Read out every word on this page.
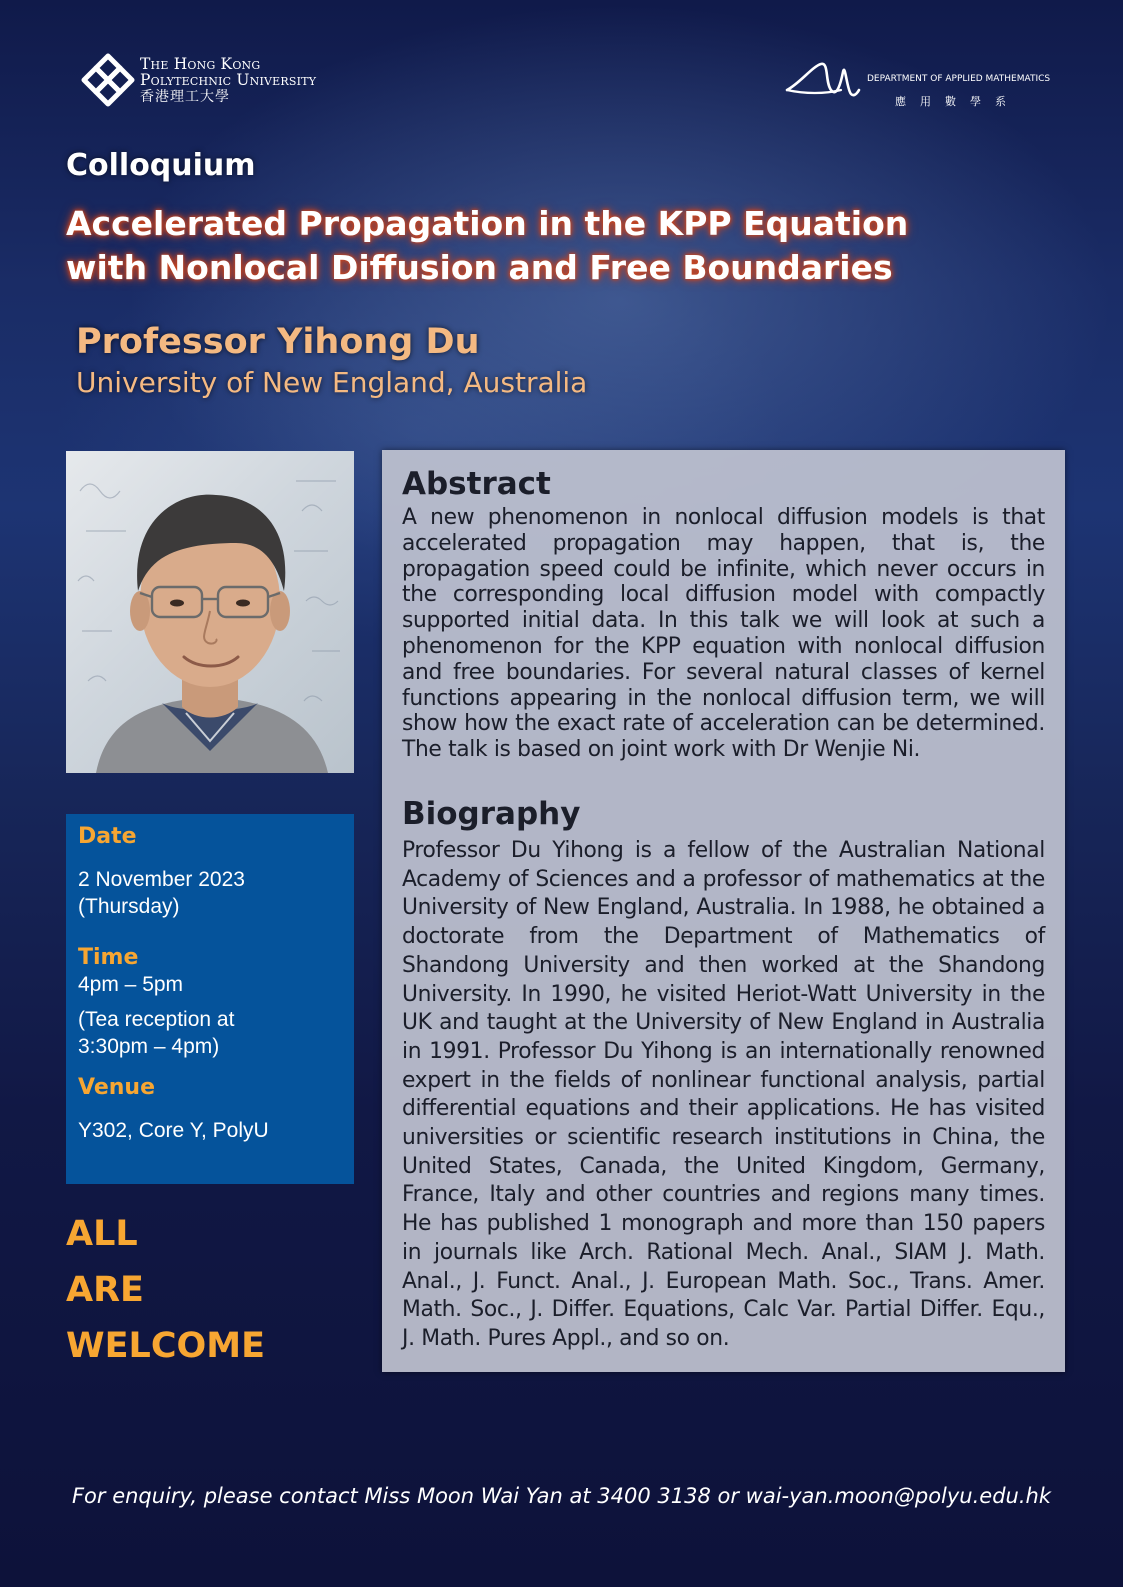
The Hong Kong
Polytechnic University
香港理工大學
DEPARTMENT OF APPLIED MATHEMATICS
應用數學系
Colloquium
Accelerated Propagation in the KPP Equation
with Nonlocal Diffusion and Free Boundaries
Professor Yihong Du
University of New England, Australia
Date
2 November 2023
(Thursday)
Time
4pm – 5pm
(Tea reception at
3:30pm – 4pm)
Venue
Y302, Core Y, PolyU
ALL
ARE
WELCOME
Abstract
A new phenomenon in nonlocal diffusion models is that accelerated propagation may happen, that is, the propagation speed could be infinite, which never occurs in the corresponding local diffusion model with compactly supported initial data. In this talk we will look at such a phenomenon for the KPP equation with nonlocal diffusion and free boundaries. For several natural classes of kernel functions appearing in the nonlocal diffusion term, we will show how the exact rate of acceleration can be determined. The talk is based on joint work with Dr Wenjie Ni.
Biography
Professor Du Yihong is a fellow of the Australian National Academy of Sciences and a professor of mathematics at the University of New England, Australia. In 1988, he obtained a doctorate from the Department of Mathematics of Shandong University and then worked at the Shandong University. In 1990, he visited Heriot-Watt University in the UK and taught at the University of New England in Australia in 1991. Professor Du Yihong is an internationally renowned expert in the fields of nonlinear functional analysis, partial differential equations and their applications. He has visited universities or scientific research institutions in China, the United States, Canada, the United Kingdom, Germany, France, Italy and other countries and regions many times. He has published 1 monograph and more than 150 papers in journals like Arch. Rational Mech. Anal., SIAM J. Math. Anal., J. Funct. Anal., J. European Math. Soc., Trans. Amer. Math. Soc., J. Differ. Equations, Calc Var. Partial Differ. Equ., J. Math. Pures Appl., and so on.
For enquiry, please contact Miss Moon Wai Yan at 3400 3138 or wai-yan.moon@polyu.edu.hk
